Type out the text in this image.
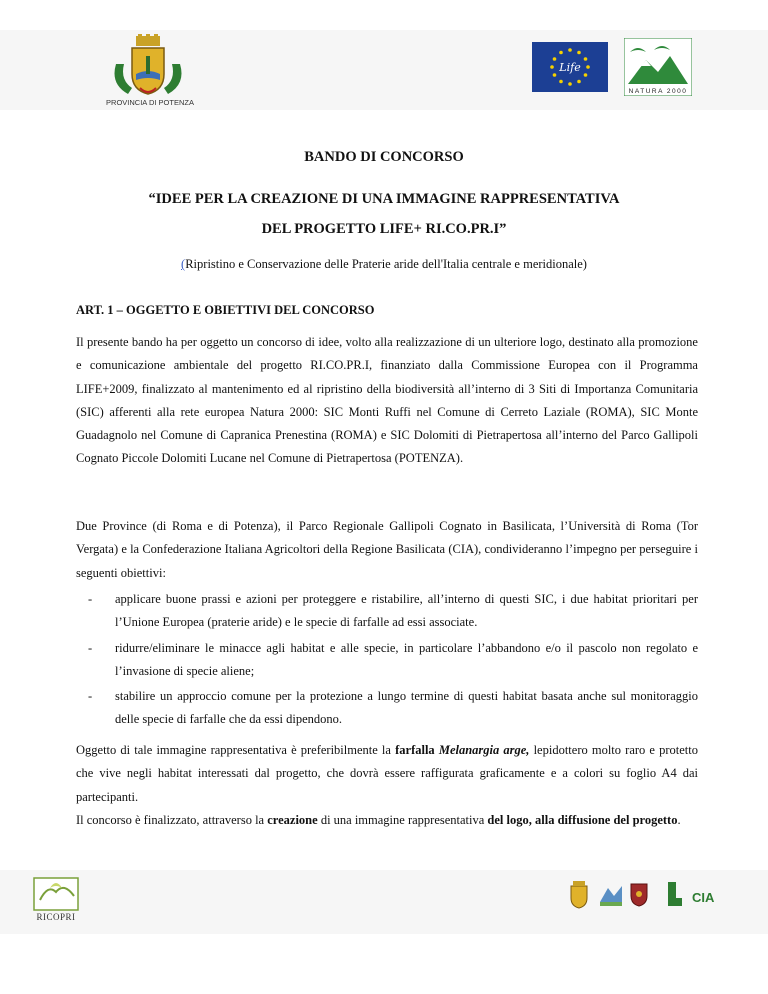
PROVINCIA DI POTENZA
Life
NATURA 2000
BANDO DI CONCORSO
“IDEE PER LA CREAZIONE DI UNA IMMAGINE RAPPRESENTATIVA
DEL PROGETTO LIFE+ RI.CO.PR.I”
(Ripristino e Conservazione delle Praterie aride dell'Italia centrale e meridionale)
ART. 1 – OGGETTO E OBIETTIVI DEL CONCORSO
Il presente bando ha per oggetto un concorso di idee, volto alla realizzazione di un ulteriore logo, destinato alla promozione e comunicazione ambientale del progetto RI.CO.PR.I, finanziato dalla Commissione Europea con il Programma LIFE+2009, finalizzato al mantenimento ed al ripristino della biodiversità all’interno di 3 Siti di Importanza Comunitaria (SIC) afferenti alla rete europea Natura 2000: SIC Monti Ruffi nel Comune di Cerreto Laziale (ROMA), SIC Monte Guadagnolo nel Comune di Capranica Prenestina (ROMA) e SIC Dolomiti di Pietrapertosa all’interno del Parco Gallipoli Cognato Piccole Dolomiti Lucane nel Comune di Pietrapertosa (POTENZA).
Due Province (di Roma e di Potenza), il Parco Regionale Gallipoli Cognato in Basilicata, l’Università di Roma (Tor Vergata) e la Confederazione Italiana Agricoltori della Regione Basilicata (CIA), condivideranno l’impegno per perseguire i seguenti obiettivi:
-	applicare buone prassi e azioni per proteggere e ristabilire, all’interno di questi SIC, i due habitat prioritari per l’Unione Europea (praterie aride) e le specie di farfalle ad essi associate.
-	ridurre/eliminare le minacce agli habitat e alle specie, in particolare l’abbandono e/o il pascolo non regolato e l’invasione di specie aliene;
-	stabilire un approccio comune per la protezione a lungo termine di questi habitat basata anche sul monitoraggio delle specie di farfalle che da essi dipendono.
Oggetto di tale immagine rappresentativa è preferibilmente la farfalla Melanargia arge, lepidottero molto raro e protetto che vive negli habitat interessati dal progetto, che dovrà essere raffigurata graficamente e a colori su foglio A4 dai partecipanti.
Il concorso è finalizzato, attraverso la creazione di una immagine rappresentativa del logo, alla diffusione del progetto.
RICOPRI
CIA
